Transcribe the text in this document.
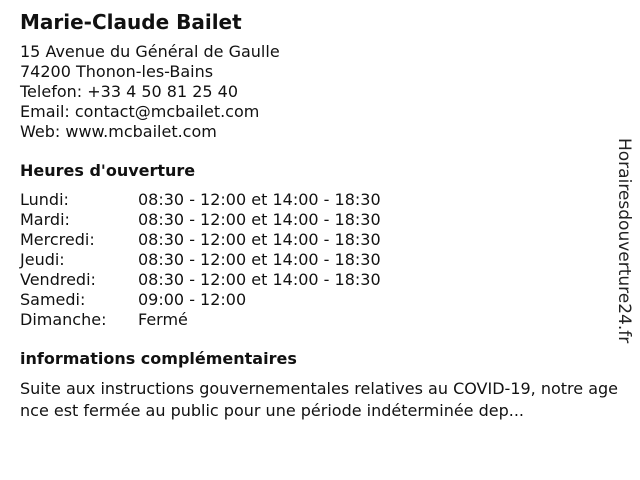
Marie-Claude Bailet
15 Avenue du Général de Gaulle
74200 Thonon-les-Bains
Telefon: +33 4 50 81 25 40
Email: contact@mcbailet.com
Web: www.mcbailet.com
Heures d'ouverture
Lundi:	08:30 - 12:00 et 14:00 - 18:30
Mardi:	08:30 - 12:00 et 14:00 - 18:30
Mercredi:	08:30 - 12:00 et 14:00 - 18:30
Jeudi:	08:30 - 12:00 et 14:00 - 18:30
Vendredi:	08:30 - 12:00 et 14:00 - 18:30
Samedi:	09:00 - 12:00
Dimanche:	Fermé
informations complémentaires
Suite aux instructions gouvernementales relatives au COVID-19, notre agence est fermée au public pour une période indéterminée dep...
Horairesdouverture24.fr
